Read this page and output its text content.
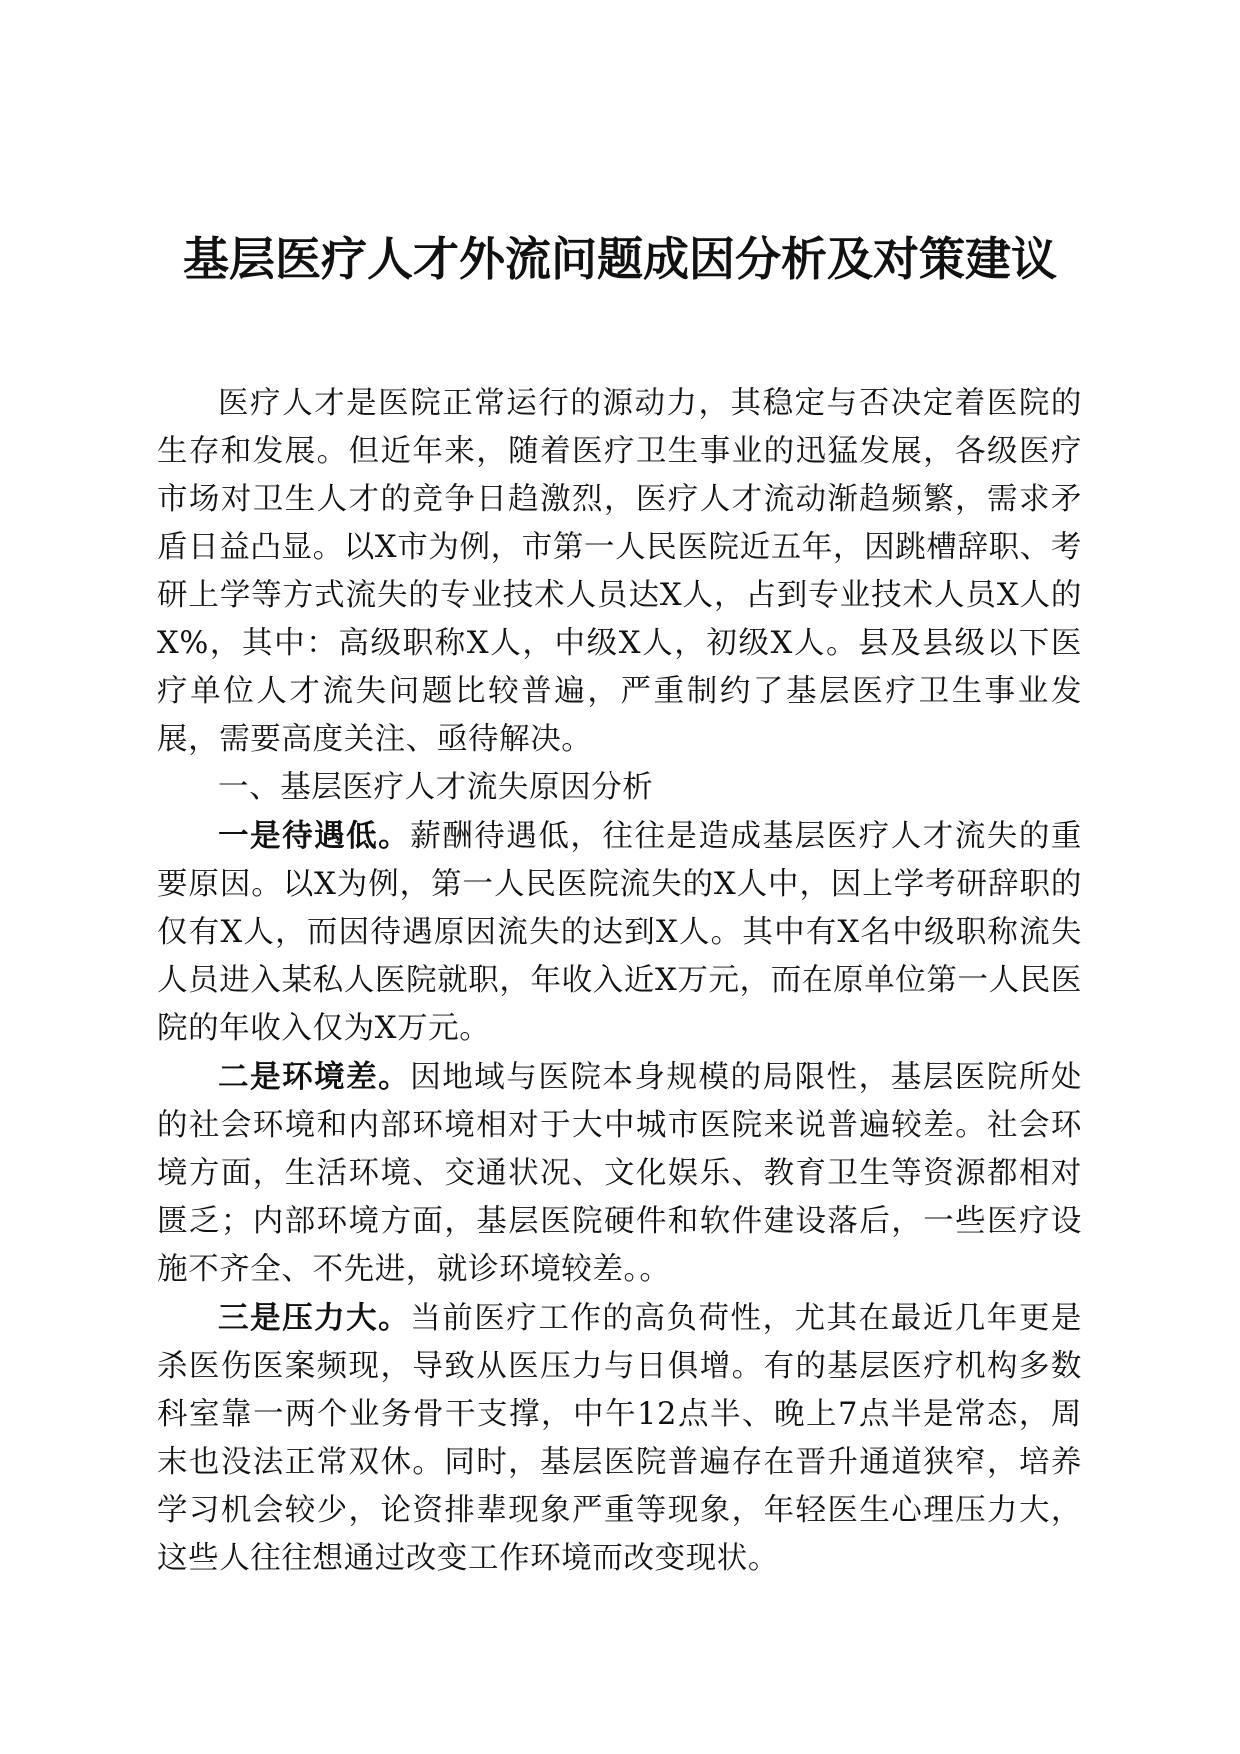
基层医疗人才外流问题成因分析及对策建议

医疗人才是医院正常运行的源动力，其稳定与否决定着医院的生存和发展。但近年来，随着医疗卫生事业的迅猛发展，各级医疗市场对卫生人才的竞争日趋激烈，医疗人才流动渐趋频繁，需求矛盾日益凸显。以X市为例，市第一人民医院近五年，因跳槽辞职、考研上学等方式流失的专业技术人员达X人，占到专业技术人员X人的X%，其中：高级职称X人，中级X人，初级X人。县及县级以下医疗单位人才流失问题比较普遍，严重制约了基层医疗卫生事业发展，需要高度关注、亟待解决。

一、基层医疗人才流失原因分析

一是待遇低。薪酬待遇低，往往是造成基层医疗人才流失的重要原因。以X为例，第一人民医院流失的X人中，因上学考研辞职的仅有X人，而因待遇原因流失的达到X人。其中有X名中级职称流失人员进入某私人医院就职，年收入近X万元，而在原单位第一人民医院的年收入仅为X万元。

二是环境差。因地域与医院本身规模的局限性，基层医院所处的社会环境和内部环境相对于大中城市医院来说普遍较差。社会环境方面，生活环境、交通状况、文化娱乐、教育卫生等资源都相对匮乏；内部环境方面，基层医院硬件和软件建设落后，一些医疗设施不齐全、不先进，就诊环境较差。。

三是压力大。当前医疗工作的高负荷性，尤其在最近几年更是杀医伤医案频现，导致从医压力与日俱增。有的基层医疗机构多数科室靠一两个业务骨干支撑，中午12点半、晚上7点半是常态，周末也没法正常双休。同时，基层医院普遍存在晋升通道狭窄，培养学习机会较少，论资排辈现象严重等现象，年轻医生心理压力大，这些人往往想通过改变工作环境而改变现状。
